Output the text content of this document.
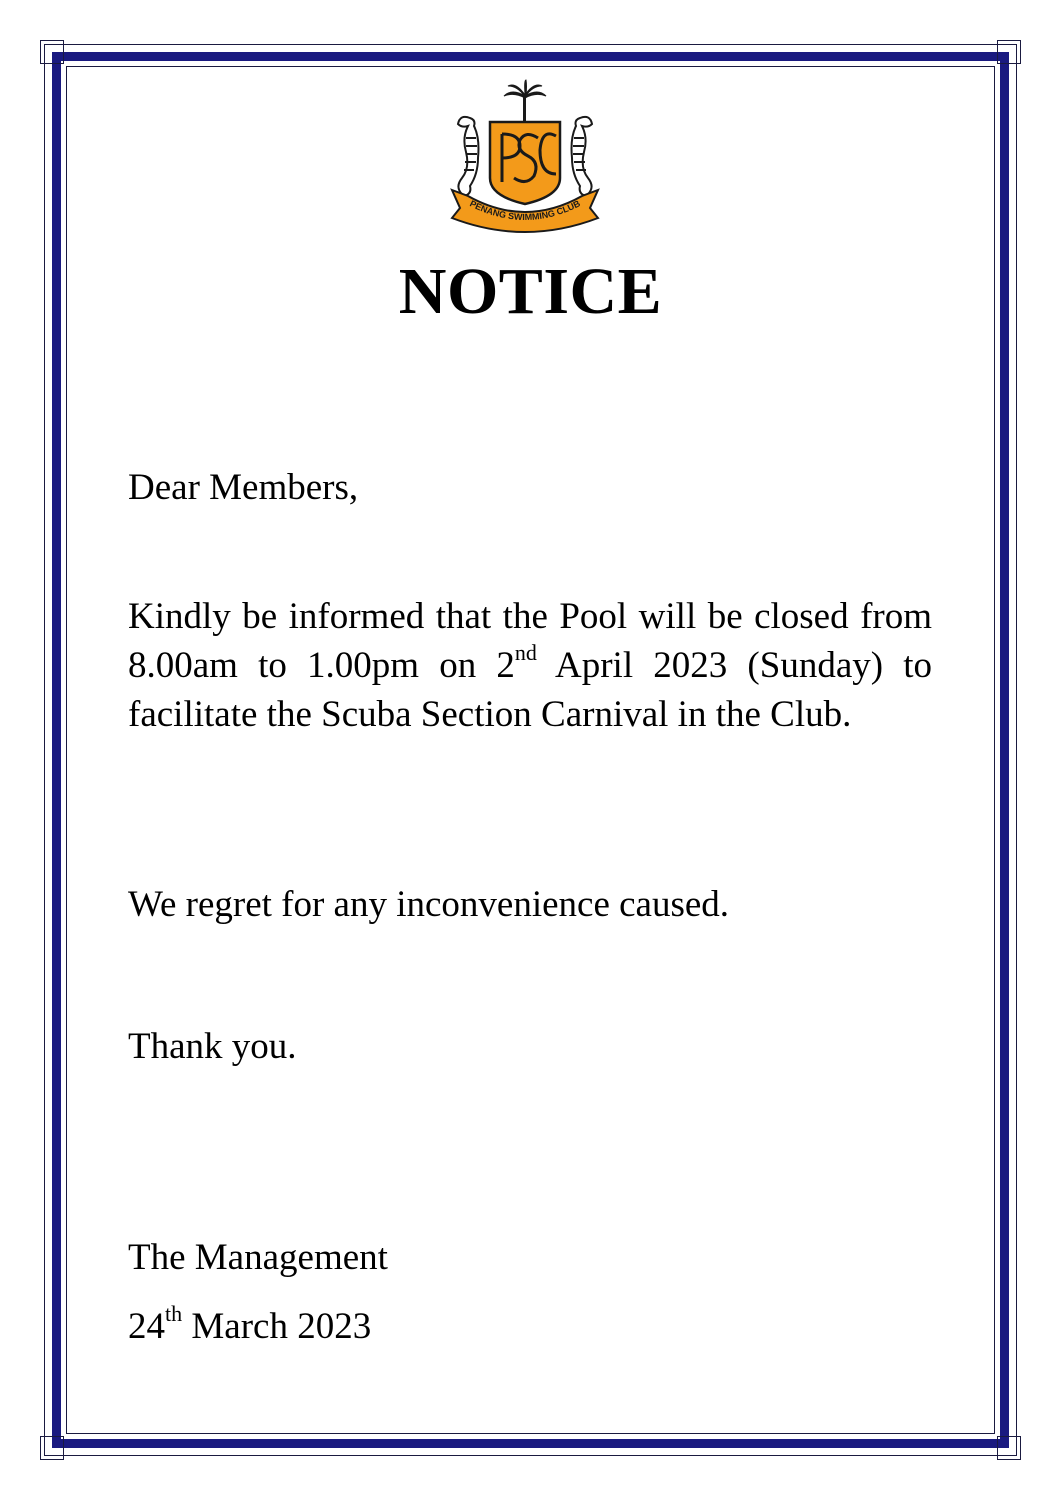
PENANG SWIMMING CLUB
NOTICE
Dear Members,
Kindly be informed that the Pool will be closed from 8.00am to 1.00pm on 2nd April 2023 (Sunday) to facilitate the Scuba Section Carnival in the Club.
We regret for any inconvenience caused.
Thank you.
The Management
24th March 2023
